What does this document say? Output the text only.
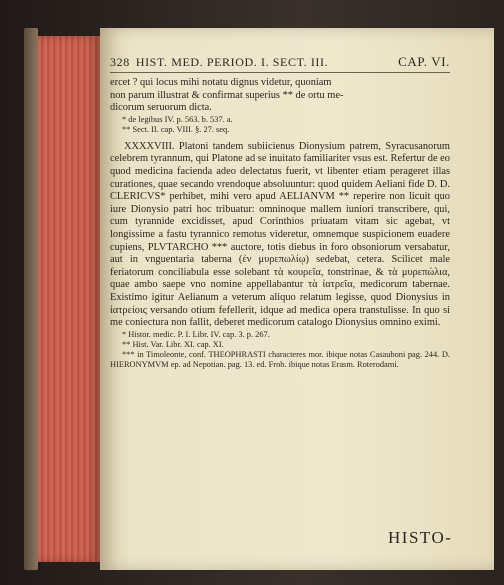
328 HIST. MED. PERIOD. I. SECT. III.	CAP. VI.

ercet ? qui locus mihi notatu dignus videtur, quoniam

non parum illustrat & confirmat superius ** de ortu me-

dicorum seruorum dicta.

* de legibus IV. p. 563. b. 537. a.
** Sect. II. cap. VIII. §. 27. seq.

XXXXVIII. Platoni tandem subiicienus Dionysium patrem, Syracusanorum celebrem tyrannum, qui Platone ad se inuitato familiariter vsus est. Refertur de eo quod medicina facienda adeo delectatus fuerit, vt libenter etiam perageret illas curationes, quae secando vrendoque absoluuntur: quod quidem Aeliani fide D. D. CLERICVS* perhibet, mihi vero apud AELIANVM ** reperire non licuit quo iure Dionysio patri hoc tribuatur: omninoque mallem iuniori transcribere, qui, cum tyrannide excidisset, apud Corinthios priuatam vitam sic agebat, vt longissime a fastu tyrannico remotus videretur, omnemque suspicionem euadere cupiens, PLVTARCHO *** auctore, totis diebus in foro obsoniorum versabatur, aut in vnguentaria taberna (ἐν μυρεπωλίῳ) sedebat, cetera. Scilicet male feriatorum conciliabula esse solebant τὰ κουρεῖα, tonstrinae, & τὰ μυρεπώλια, quae ambo saepe vno nomine appellabantur τὰ ἰατρεῖα, medicorum tabernae. Existimo igitur Aelianum a veterum aliquo relatum legisse, quod Dionysius in ἰατρείοις versando otium fefellerit, idque ad medica opera transtulisse. In quo si me coniectura non fallit, deberet medicorum catalogo Dionysius omnino eximi.

* Histor. medic. P. I. Libr. IV. cap. 3. p. 267.
** Hist. Var. Libr. XI. cap. XI.
*** in Timoleonte, conf. THEOPHRASTI characteres mor. ibique notas Casauboni pag. 244. D. HIERONYMVM ep. ad Nepotian. pag. 13. ed. Frob. ibique notas Erasm. Roterodami.
HISTO-
